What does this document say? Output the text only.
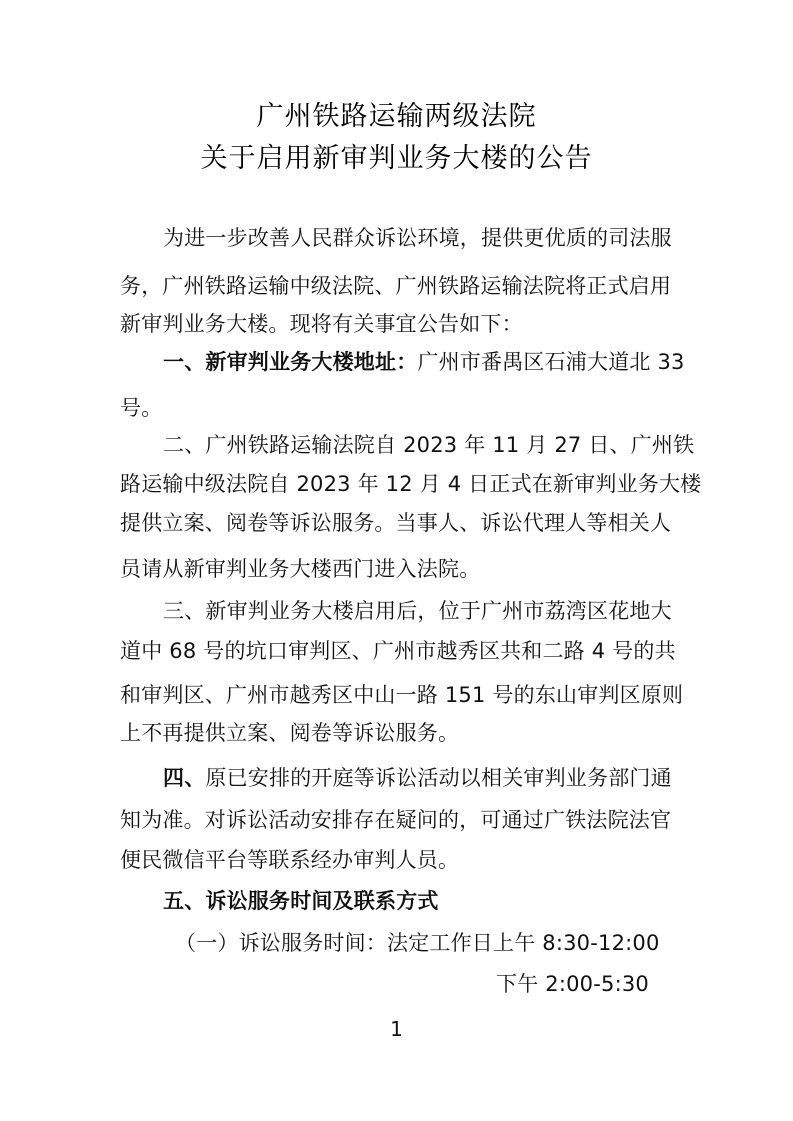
广州铁路运输两级法院
关于启用新审判业务大楼的公告
为进一步改善人民群众诉讼环境，提供更优质的司法服
务，广州铁路运输中级法院、广州铁路运输法院将正式启用
新审判业务大楼。现将有关事宜公告如下：
一、新审判业务大楼地址：广州市番禺区石浦大道北 33
号。
二、广州铁路运输法院自 2023 年 11 月 27 日、广州铁
路运输中级法院自 2023 年 12 月 4 日正式在新审判业务大楼
提供立案、阅卷等诉讼服务。当事人、诉讼代理人等相关人
员请从新审判业务大楼西门进入法院。
三、新审判业务大楼启用后，位于广州市荔湾区花地大
道中 68 号的坑口审判区、广州市越秀区共和二路 4 号的共
和审判区、广州市越秀区中山一路 151 号的东山审判区原则
上不再提供立案、阅卷等诉讼服务。
四、原已安排的开庭等诉讼活动以相关审判业务部门通
知为准。对诉讼活动安排存在疑问的，可通过广铁法院法官
便民微信平台等联系经办审判人员。
五、诉讼服务时间及联系方式
（一）诉讼服务时间：法定工作日上午 8:30-12:00
下午 2:00-5:30
1
